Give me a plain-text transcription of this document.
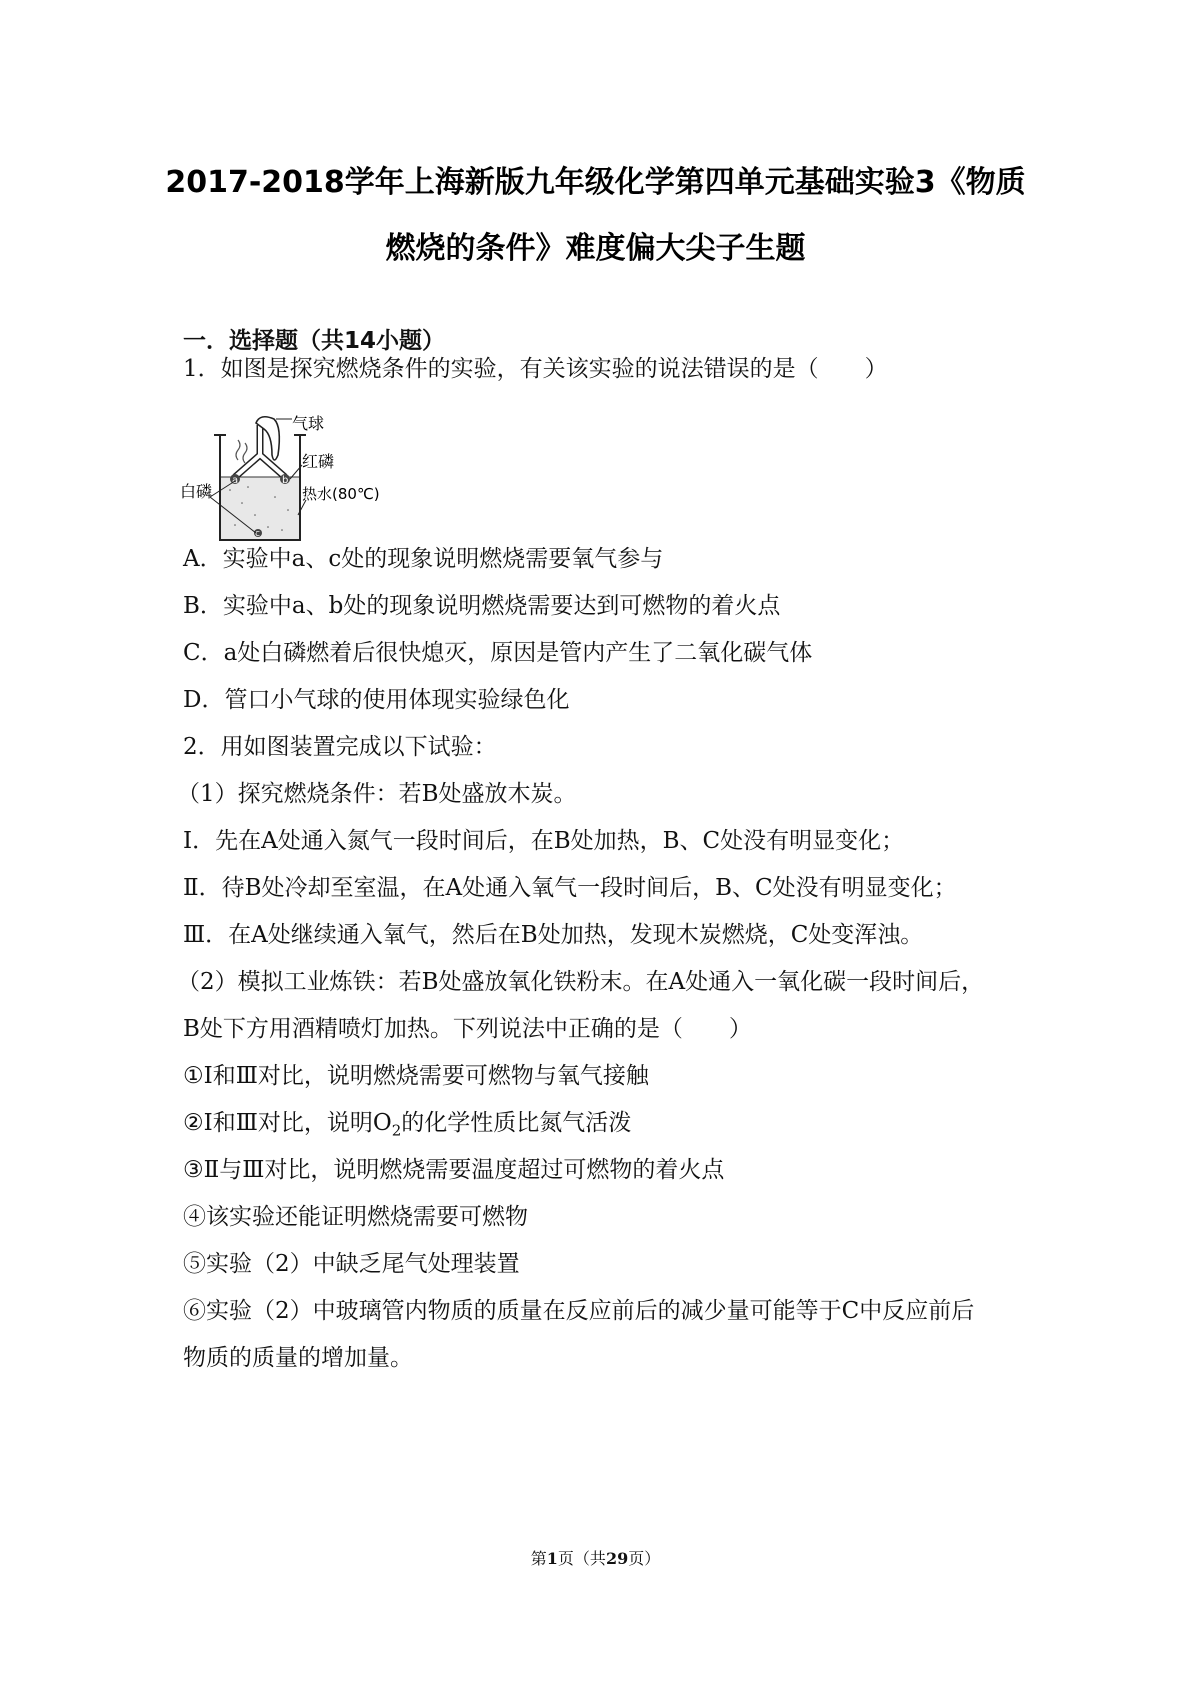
2017-2018学年上海新版九年级化学第四单元基础实验3《物质
燃烧的条件》难度偏大尖子生题
一．选择题（共14小题）
1．如图是探究燃烧条件的实验，有关该实验的说法错误的是（　　）
a	b
c
气球
红磷
白磷	热水(80℃)
A．实验中a、c处的现象说明燃烧需要氧气参与
B．实验中a、b处的现象说明燃烧需要达到可燃物的着火点
C．a处白磷燃着后很快熄灭，原因是管内产生了二氧化碳气体
D．管口小气球的使用体现实验绿色化
2．用如图装置完成以下试验：
（1）探究燃烧条件：若B处盛放木炭。
Ⅰ．先在A处通入氮气一段时间后，在B处加热，B、C处没有明显变化；
Ⅱ．待B处冷却至室温，在A处通入氧气一段时间后，B、C处没有明显变化；
Ⅲ．在A处继续通入氧气，然后在B处加热，发现木炭燃烧，C处变浑浊。
（2）模拟工业炼铁：若B处盛放氧化铁粉末。在A处通入一氧化碳一段时间后，
B处下方用酒精喷灯加热。下列说法中正确的是（　　）
①Ⅰ和Ⅲ对比，说明燃烧需要可燃物与氧气接触
②Ⅰ和Ⅲ对比，说明$O_2$的化学性质比氮气活泼
③Ⅱ与Ⅲ对比，说明燃烧需要温度超过可燃物的着火点
④该实验还能证明燃烧需要可燃物
⑤实验（2）中缺乏尾气处理装置
⑥实验（2）中玻璃管内物质的质量在反应前后的减少量可能等于C中反应前后
物质的质量的增加量。
第1页（共29页）
